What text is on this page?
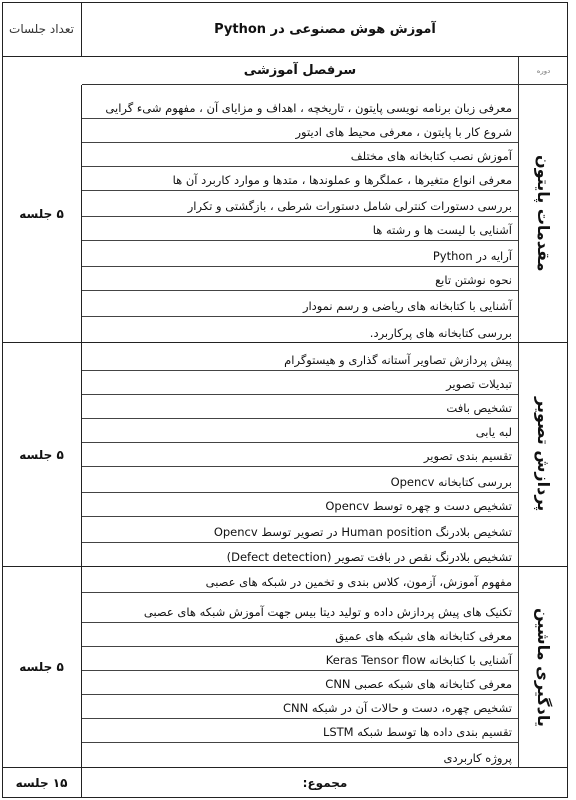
تعداد جلسات	آموزش هوش مصنوعی در Python
سرفصل آموزشی	دوره
۵ جلسه
معرفی زبان برنامه نویسی پایتون ، تاریخچه ، اهداف و مزایای آن ، مفهوم شیء گرایی
شروع کار با پایتون ، معرفی محیط های ادیتور
آموزش نصب کتابخانه های مختلف
معرفی انواع متغیرها ، عملگرها و عملوندها ، متدها و موارد کاربرد آن ها
بررسی دستورات کنترلی شامل دستورات شرطی ، بازگشتی و تکرار
آشنایی با لیست ها و رشته ها
آرایه در Python
نحوه نوشتن تابع
آشنایی با کتابخانه های ریاضی و رسم نمودار
بررسی کتابخانه های پرکاربرد.
مقدمات پایتون
۵ جلسه
پیش پردازش تصاویر آستانه گذاری و هیستوگرام
تبدیلات تصویر
تشخیص بافت
لبه یابی
تقسیم بندی تصویر
بررسی کتابخانه Opencv
تشخیص دست و چهره توسط Opencv
تشخیص بلادرنگ Human position در تصویر توسط Opencv
تشخیص بلادرنگ نقص در بافت تصویر (Defect detection)
پردازش تصویر
۵ جلسه
مفهوم آموزش، آزمون، کلاس بندی و تخمین در شبکه های عصبی
تکنیک های پیش پردازش داده و تولید دیتا بیس جهت آموزش شبکه های عصبی
معرفی کتابخانه های شبکه های عمیق
آشنایی با کتابخانه Keras Tensor flow
معرفی کتابخانه های شبکه عصبی CNN
تشخیص چهره، دست و حالات آن در شبکه CNN
تقسیم بندی داده ها توسط شبکه LSTM
پروژه کاربردی
یادگیری ماشین
۱۵ جلسه	مجموع:
